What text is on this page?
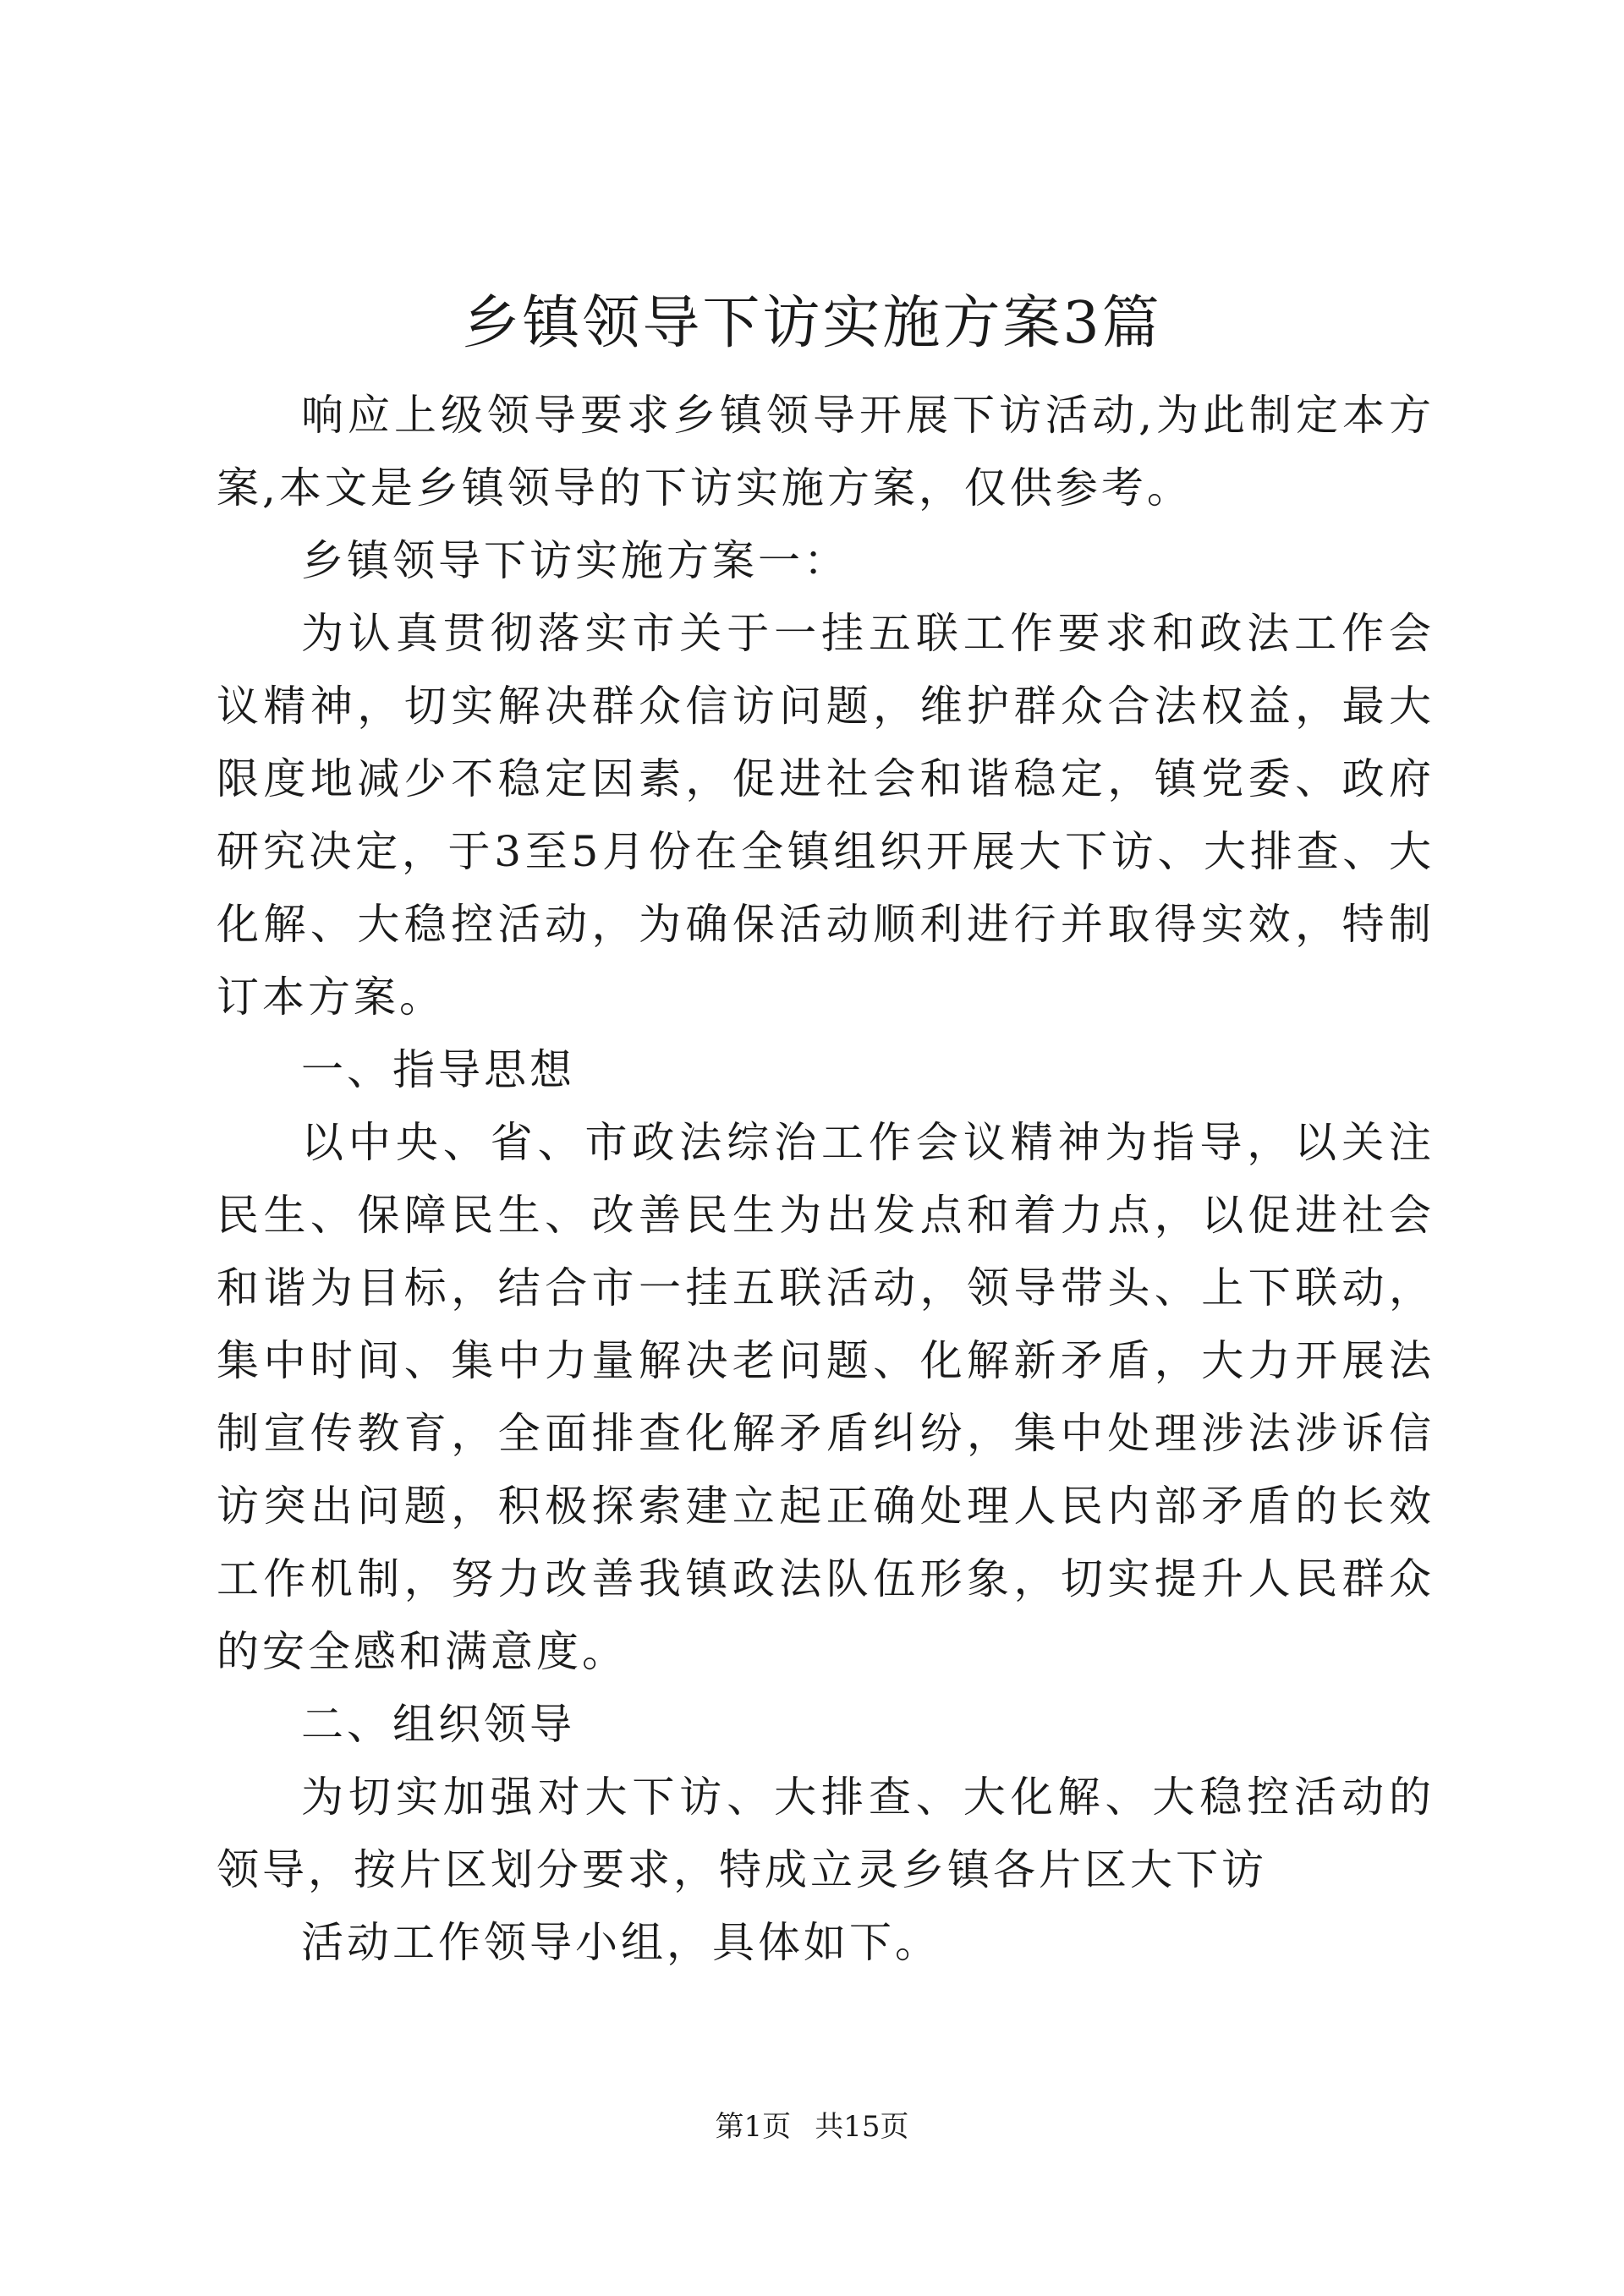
乡镇领导下访实施方案3篇

响应上级领导要求乡镇领导开展下访活动,为此制定本方案,本文是乡镇领导的下访实施方案，仅供参考。

乡镇领导下访实施方案一：

为认真贯彻落实市关于一挂五联工作要求和政法工作会议精神，切实解决群众信访问题，维护群众合法权益，最大限度地减少不稳定因素，促进社会和谐稳定，镇党委、政府研究决定，于3至5月份在全镇组织开展大下访、大排查、大化解、大稳控活动，为确保活动顺利进行并取得实效，特制订本方案。

一、指导思想

以中央、省、市政法综治工作会议精神为指导，以关注民生、保障民生、改善民生为出发点和着力点，以促进社会和谐为目标，结合市一挂五联活动，领导带头、上下联动，集中时间、集中力量解决老问题、化解新矛盾，大力开展法制宣传教育，全面排查化解矛盾纠纷，集中处理涉法涉诉信访突出问题，积极探索建立起正确处理人民内部矛盾的长效工作机制，努力改善我镇政法队伍形象，切实提升人民群众的安全感和满意度。

二、组织领导

为切实加强对大下访、大排查、大化解、大稳控活动的领导，按片区划分要求，特成立灵乡镇各片区大下访

活动工作领导小组，具体如下。

第1页 共15页
